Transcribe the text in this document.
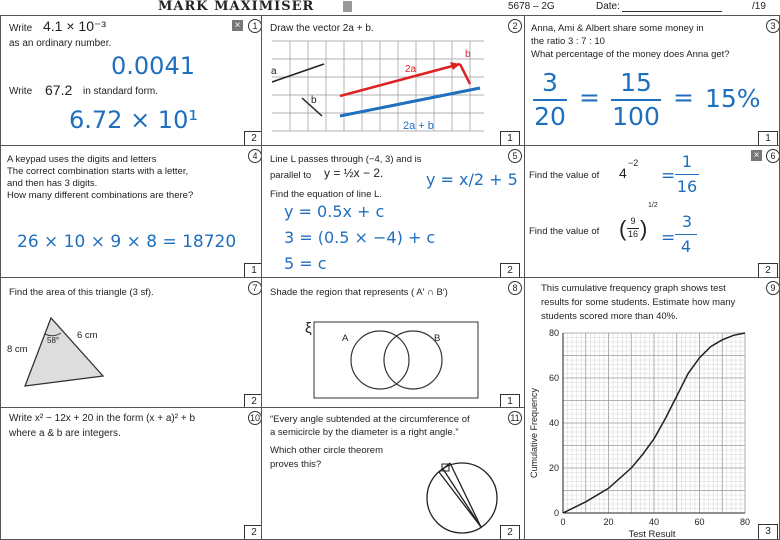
MARK MAXIMISER	5678 – 2G	Date:	/19
×	1
Write 4.1 × 10⁻³
as an ordinary number.
0.0041
Write 67.2 in standard form.
6.72 × 10¹
2
2
Draw the vector 2a + b.
a
b
2a
b
2a + b
1
3
Anna, Ami & Albert share some money in
the ratio 3 : 7 : 10
What percentage of the money does Anna get?
3
20
=
15
100
= 15%
1
4
A keypad uses the digits and letters
The correct combination starts with a letter,
and then has 3 digits.
How many different combinations are there?
26 × 10 × 9 × 8 = 18720
1
5
Line L passes through (−4, 3) and is
parallel to y = ½x − 2.
Find the equation of line L.
y = x/2 + 5
y = 0.5x + c
3 = (0.5 × −4) + c
5 = c	2
×	6
Find the value of 4
−2
=
1
16
Find the value of ( 9
16 )
1/2
=
3
4
2
7
Find the area of this triangle (3 sf).
8 cm
6 cm
58°
2
8
Shade the region that represents ( A′ ∩ B′)
ξ
A	B
1
9
This cumulative frequency graph shows test
results for some students. Estimate how many
students scored more than 40%.
0	20	40	60	80
0
20
40
60
80
Test Result
Cumulative Frequency
3
10
Write x² − 12x + 20 in the form (x + a)² + b
where a & b are integers.
2
11
“Every angle subtended at the circumference of
a semicircle by the diameter is a right angle.”
Which other circle theorem
proves this?
2
